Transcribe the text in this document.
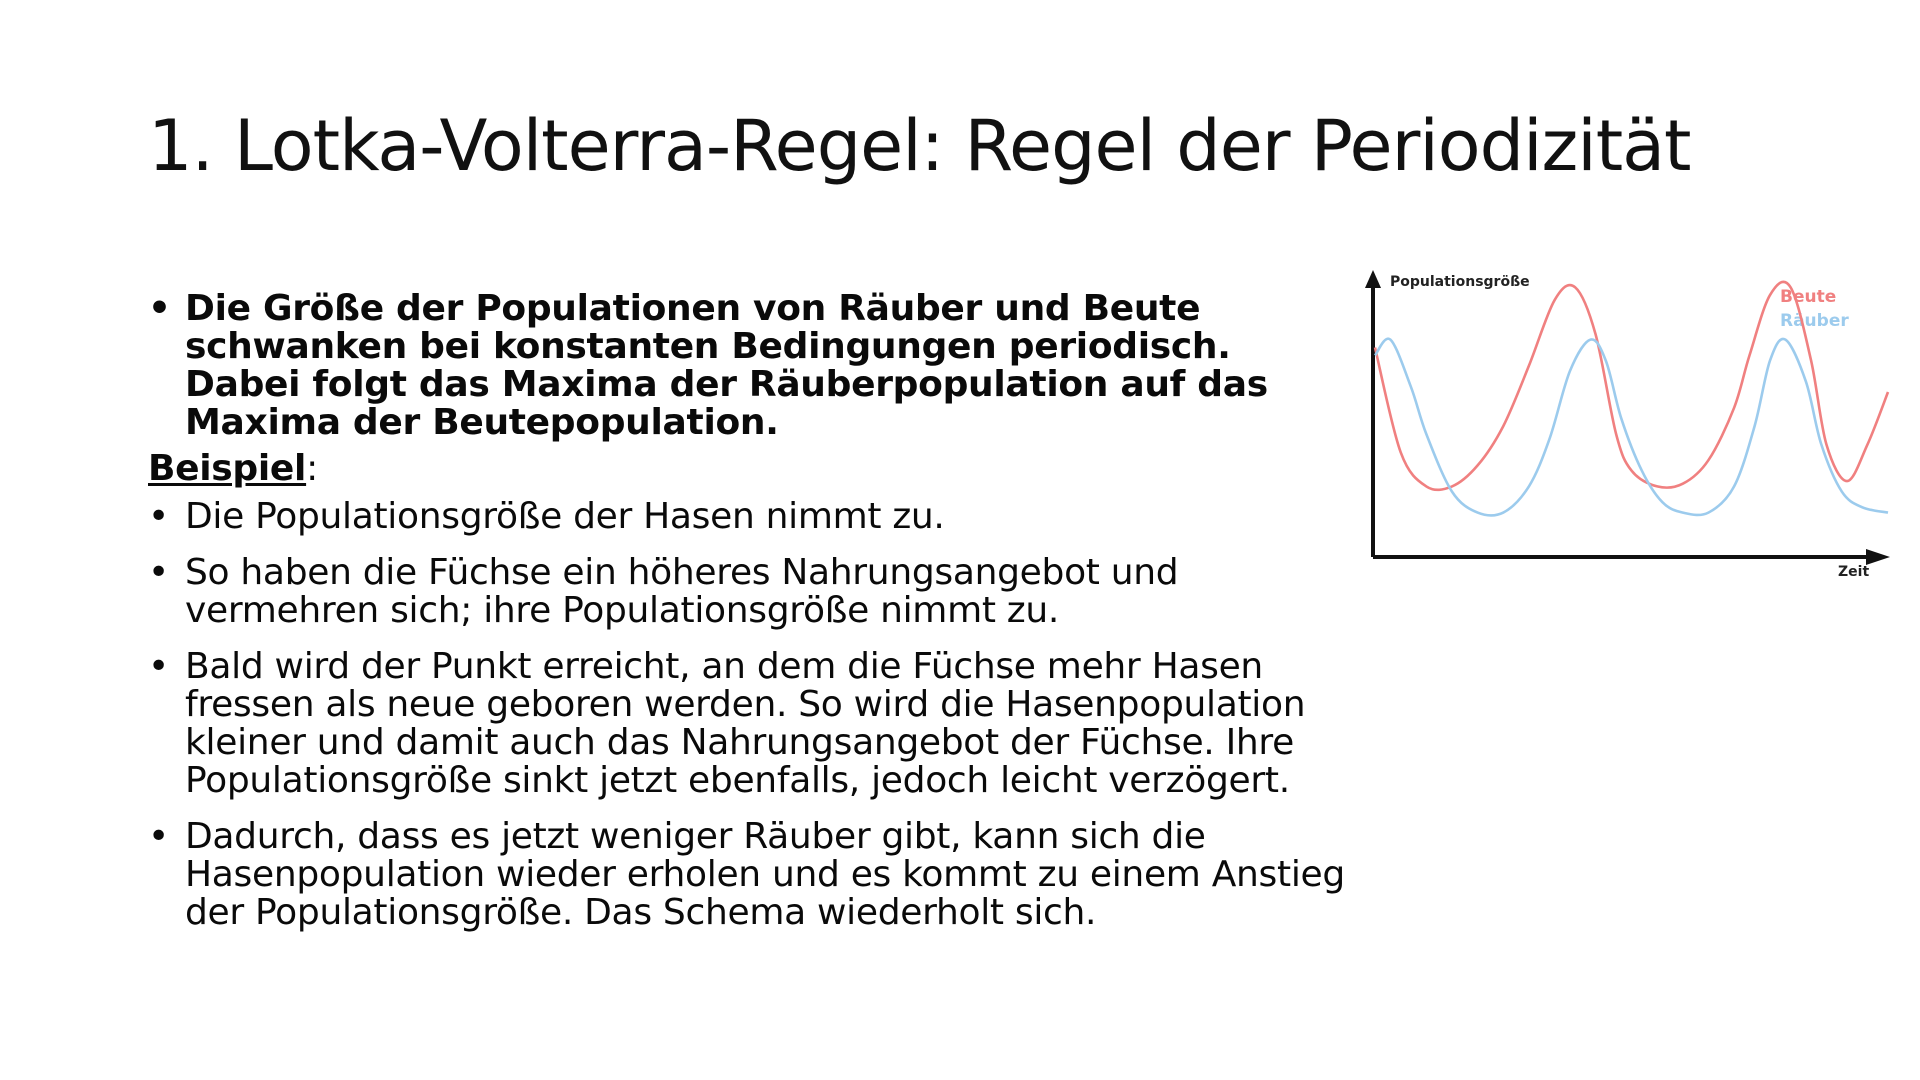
1. Lotka-Volterra-Regel: Regel der Periodizität
• Die Größe der Populationen von Räuber und Beute schwanken bei konstanten Bedingungen periodisch. Dabei folgt das Maxima der Räuberpopulation auf das Maxima der Beutepopulation.
Beispiel:
• Die Populationsgröße der Hasen nimmt zu.
• So haben die Füchse ein höheres Nahrungsangebot und vermehren sich; ihre Populationsgröße nimmt zu.
• Bald wird der Punkt erreicht, an dem die Füchse mehr Hasen fressen als neue geboren werden. So wird die Hasenpopulation kleiner und damit auch das Nahrungsangebot der Füchse. Ihre Populationsgröße sinkt jetzt ebenfalls, jedoch leicht verzögert.
• Dadurch, dass es jetzt weniger Räuber gibt, kann sich die Hasenpopulation wieder erholen und es kommt zu einem Anstieg der Populationsgröße. Das Schema wiederholt sich.
Populationsgröße
Zeit
Beute
Räuber
